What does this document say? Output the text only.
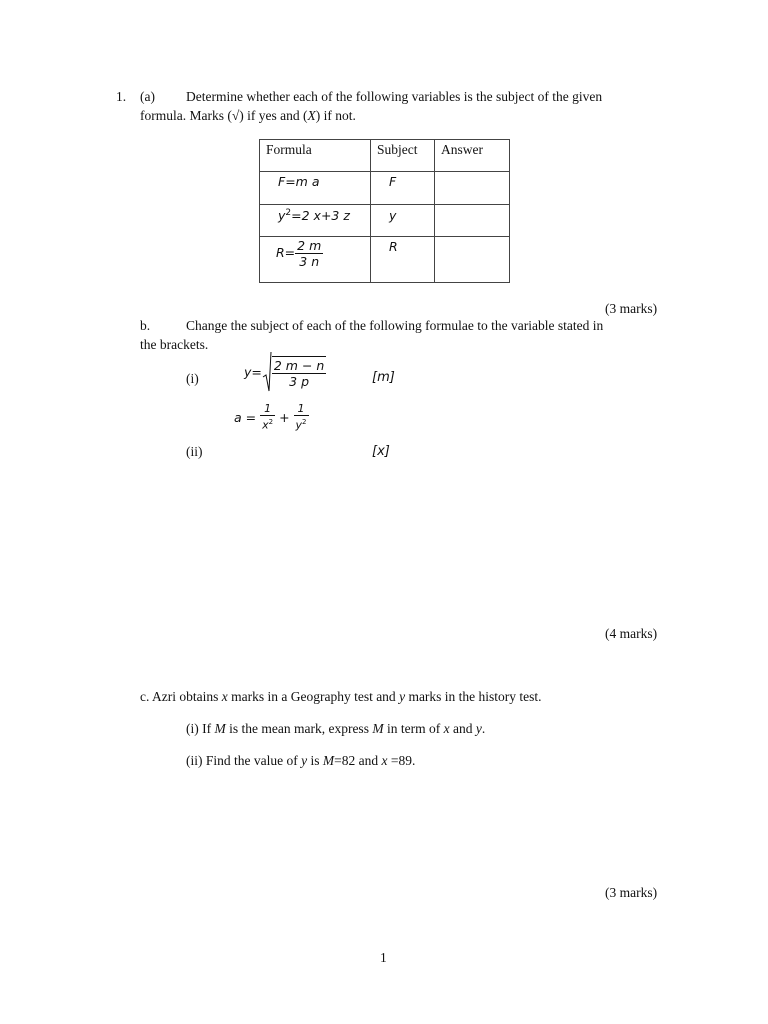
1. (a) Determine whether each of the following variables is the subject of the given
formula. Marks (√) if yes and (X) if not.
Formula	Subject	Answer

F=m a	F	

$y^2=2$ x+3 z	y	

$R= \frac{2 m}{3 n}$	R	

(3 marks)
b.	Change the subject of each of the following formulae to the variable stated in
the brackets.
(i)	$y= \frac{2 m - n}{3 p}$	[m]
$a = \frac{1}{x^2} + \frac{1}{y^2}$
(ii)	[x]
(4 marks)
c. Azri obtains x marks in a Geography test and y marks in the history test.
(i) If M is the mean mark, express M in term of x and y.
(ii) Find the value of y is M=82 and x =89.
(3 marks)
1
